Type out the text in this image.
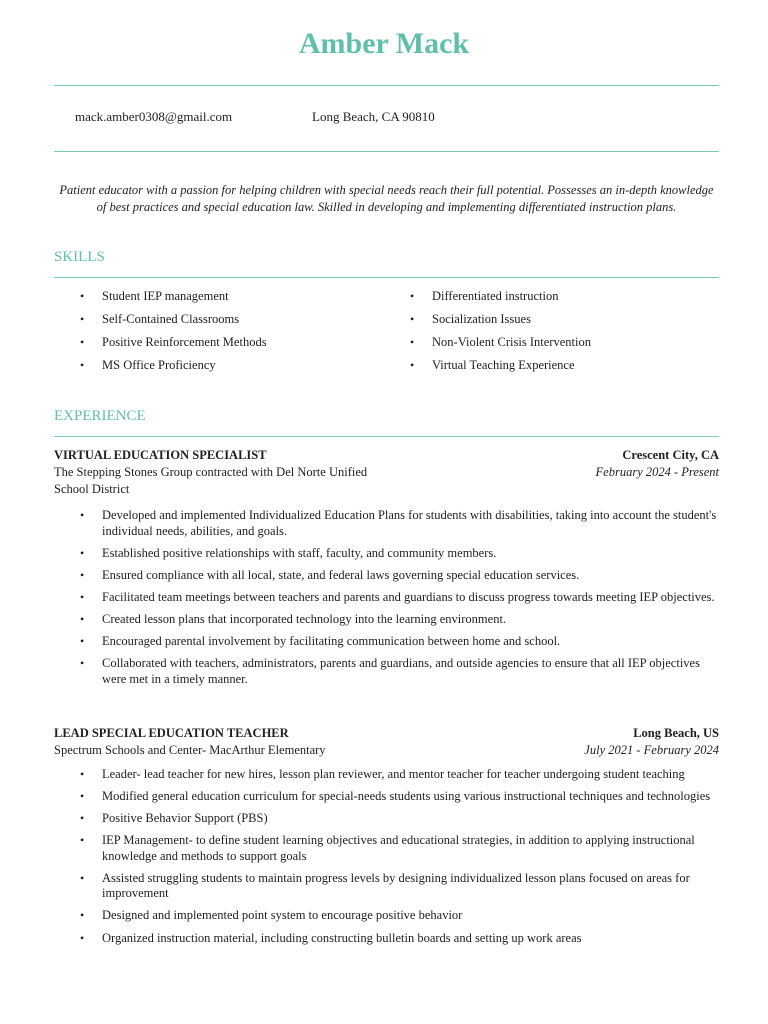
Amber Mack
mack.amber0308@gmail.com	Long Beach, CA 90810
Patient educator with a passion for helping children with special needs reach their full potential. Possesses an in-depth knowledge of best practices and special education law. Skilled in developing and implementing differentiated instruction plans.
SKILLS
• Student IEP management
• Self-Contained Classrooms
• Positive Reinforcement Methods
• MS Office Proficiency
• Differentiated instruction
• Socialization Issues
• Non-Violent Crisis Intervention
• Virtual Teaching Experience
EXPERIENCE
VIRTUAL EDUCATION SPECIALIST	Crescent City, CA
The Stepping Stones Group contracted with Del Norte Unified School District
February 2024 - Present
• Developed and implemented Individualized Education Plans for students with disabilities, taking into account the student's individual needs, abilities, and goals.
• Established positive relationships with staff, faculty, and community members.
• Ensured compliance with all local, state, and federal laws governing special education services.
• Facilitated team meetings between teachers and parents and guardians to discuss progress towards meeting IEP objectives.
• Created lesson plans that incorporated technology into the learning environment.
• Encouraged parental involvement by facilitating communication between home and school.
• Collaborated with teachers, administrators, parents and guardians, and outside agencies to ensure that all IEP objectives were met in a timely manner.
LEAD SPECIAL EDUCATION TEACHER	Long Beach, US
Spectrum Schools and Center- MacArthur Elementary	July 2021 - February 2024
• Leader- lead teacher for new hires, lesson plan reviewer, and mentor teacher for teacher undergoing student teaching
• Modified general education curriculum for special-needs students using various instructional techniques and technologies
• Positive Behavior Support (PBS)
• IEP Management- to define student learning objectives and educational strategies, in addition to applying instructional knowledge and methods to support goals
• Assisted struggling students to maintain progress levels by designing individualized lesson plans focused on areas for improvement
• Designed and implemented point system to encourage positive behavior
• Organized instruction material, including constructing bulletin boards and setting up work areas
